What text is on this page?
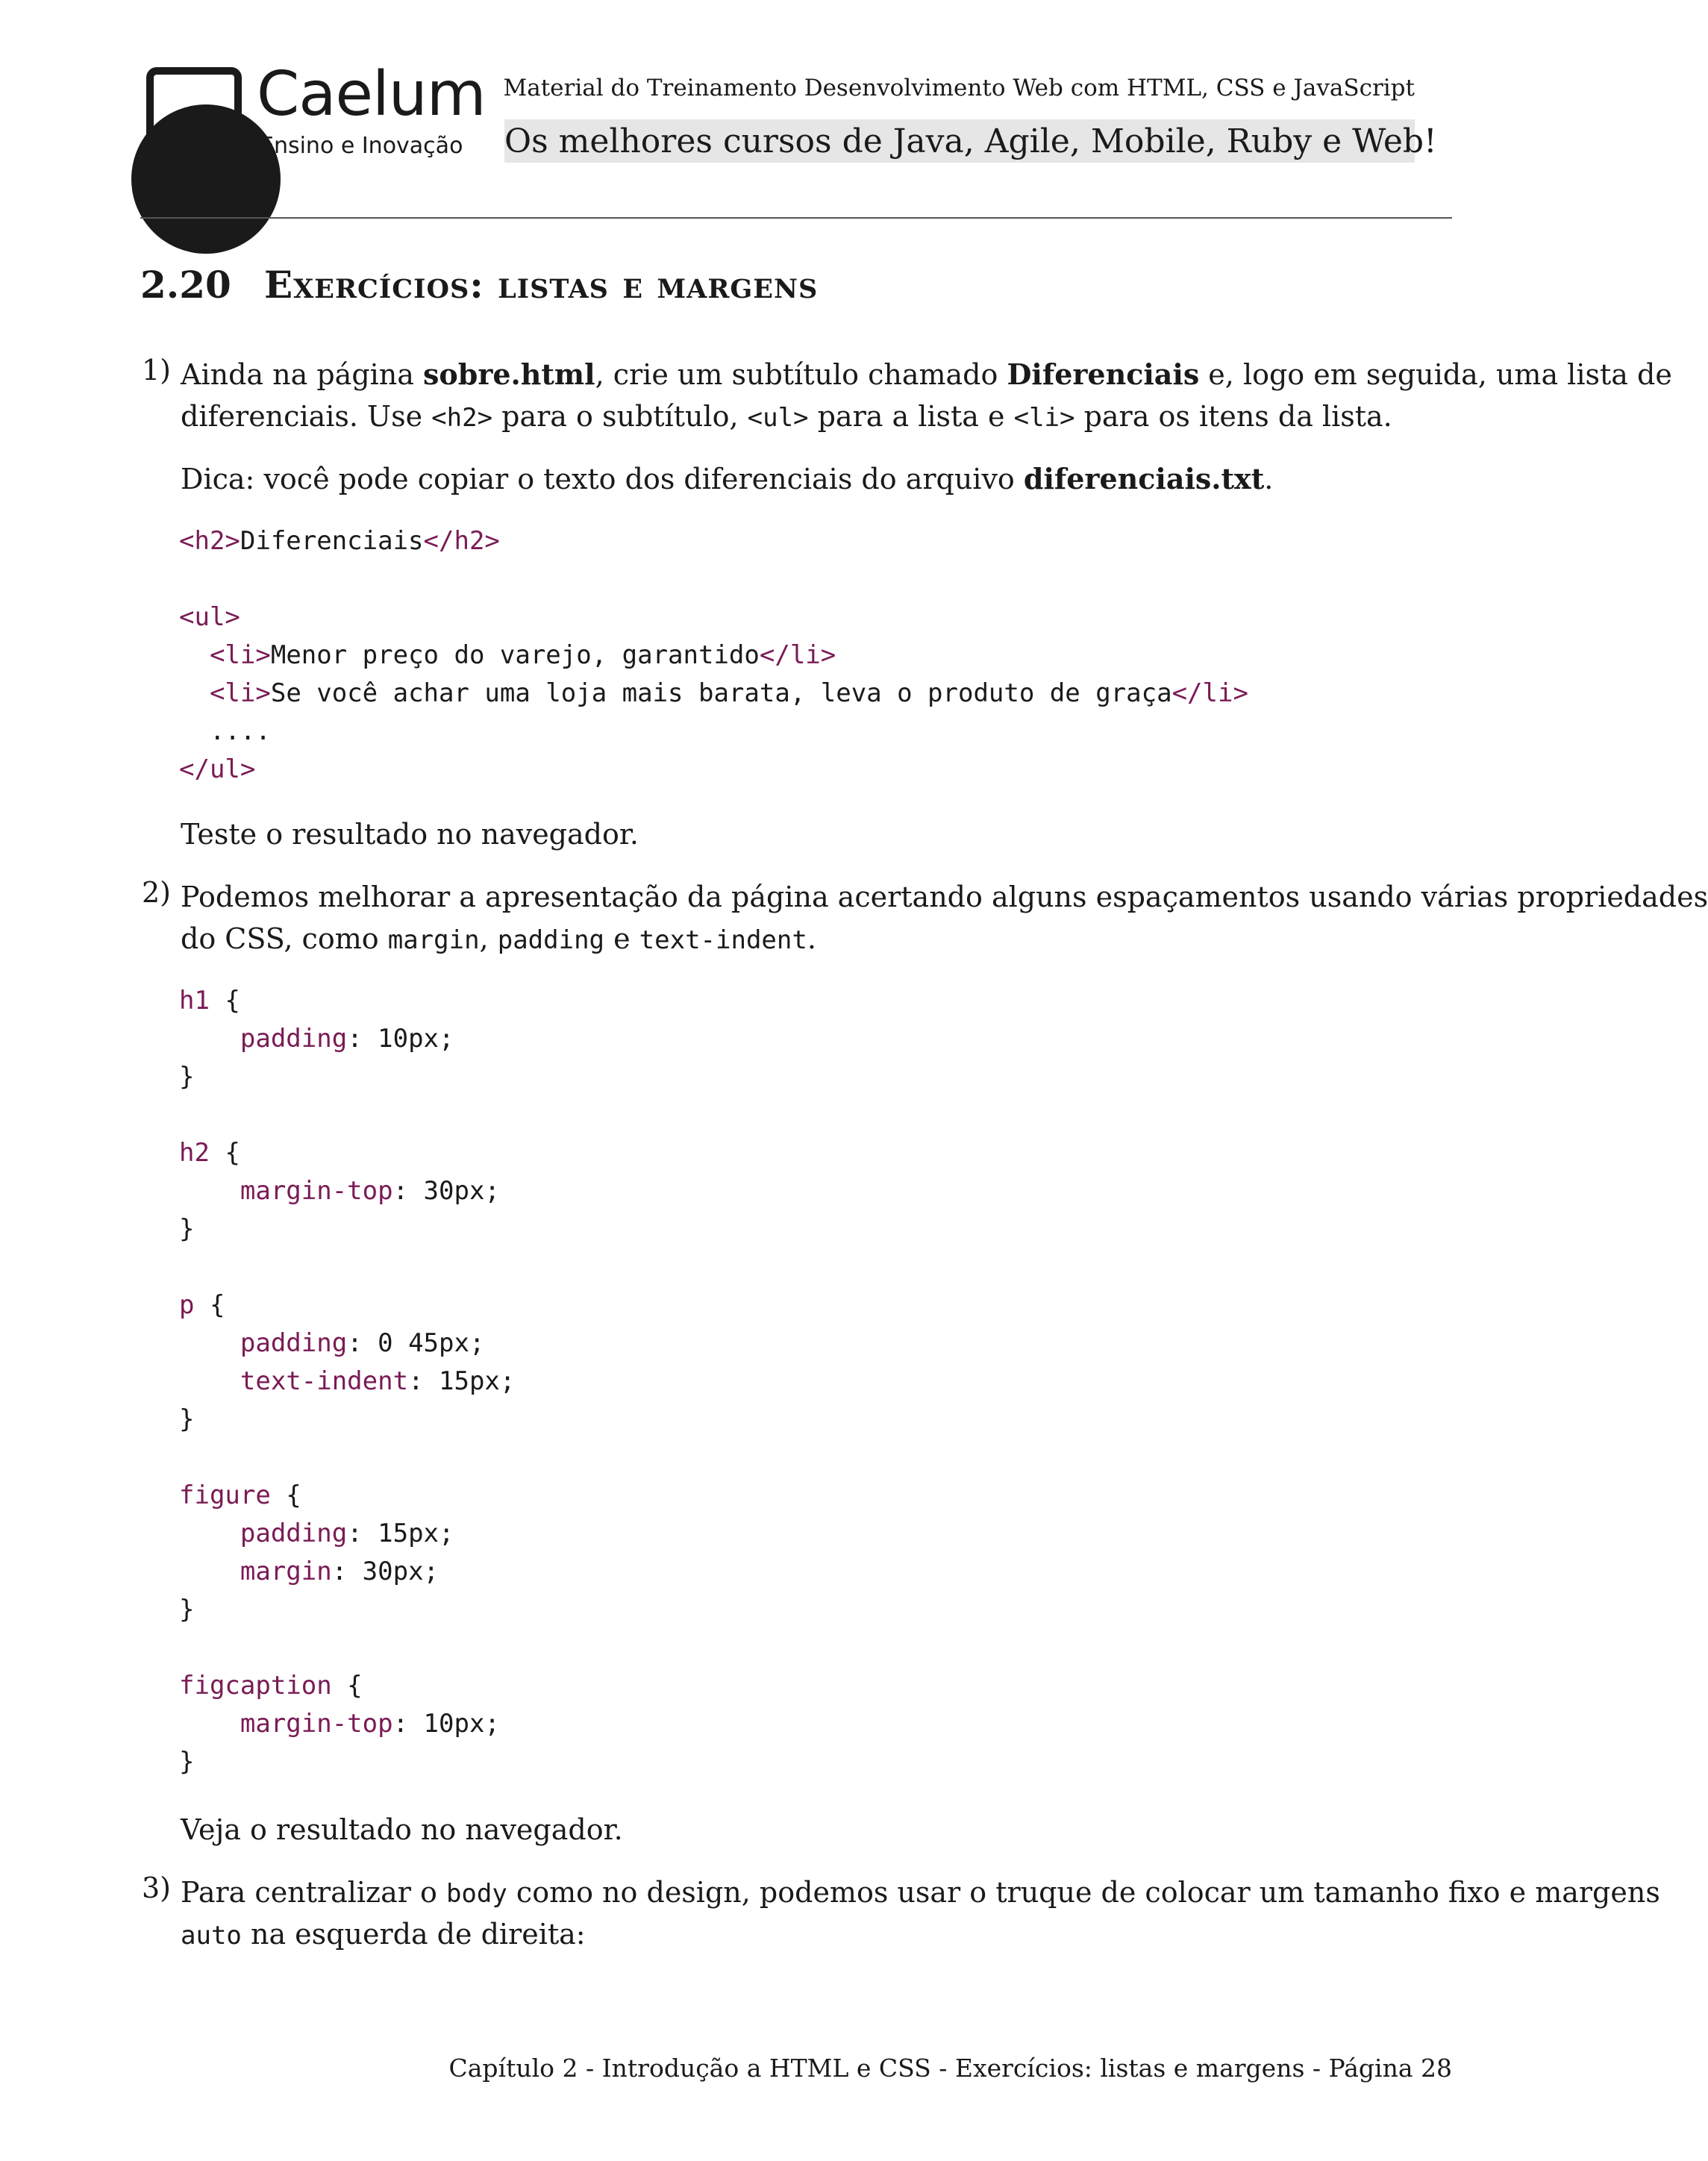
* Caelum
Ensino e Inovação
Material do Treinamento Desenvolvimento Web com HTML, CSS e JavaScript
Os melhores cursos de Java, Agile, Mobile, Ruby e Web!
2.20 Exercícios: listas e margens
1) Ainda na página sobre.html, crie um subtítulo chamado Diferenciais e, logo em seguida, uma lista de
diferenciais. Use <h2> para o subtítulo, <ul> para a lista e <li> para os itens da lista.
Dica: você pode copiar o texto dos diferenciais do arquivo diferenciais.txt.
<h2>Diferenciais</h2>

<ul>
<li>Menor preço do varejo, garantido</li>
<li>Se você achar uma loja mais barata, leva o produto de graça</li>
....
</ul>
Teste o resultado no navegador.
2) Podemos melhorar a apresentação da página acertando alguns espaçamentos usando várias propriedades
do CSS, como margin, padding e text-indent.
h1 {
padding: 10px;
}

h2 {
margin-top: 30px;
}

p {
padding: 0 45px;
text-indent: 15px;
}

figure {
padding: 15px;
margin: 30px;
}

figcaption {
margin-top: 10px;
}
Veja o resultado no navegador.
3) Para centralizar o body como no design, podemos usar o truque de colocar um tamanho fixo e margens
auto na esquerda de direita:
Capítulo 2 - Introdução a HTML e CSS - Exercícios: listas e margens - Página 28
